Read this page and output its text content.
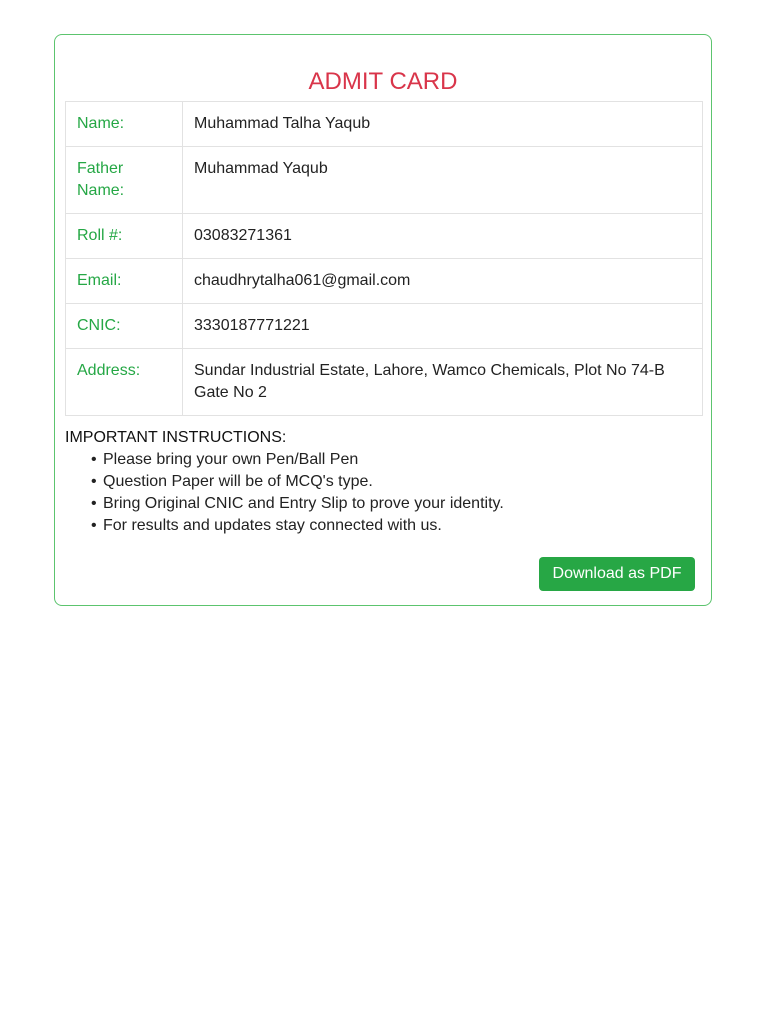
ADMIT CARD
Name:	Muhammad Talha Yaqub
Father Name:	Muhammad Yaqub
Roll #:	03083271361
Email:	chaudhrytalha061@gmail.com
CNIC:	3330187771221
Address:	Sundar Industrial Estate, Lahore, Wamco Chemicals, Plot No 74-B Gate No 2
IMPORTANT INSTRUCTIONS:
• Please bring your own Pen/Ball Pen
• Question Paper will be of MCQ's type.
• Bring Original CNIC and Entry Slip to prove your identity.
• For results and updates stay connected with us.
Download as PDF
